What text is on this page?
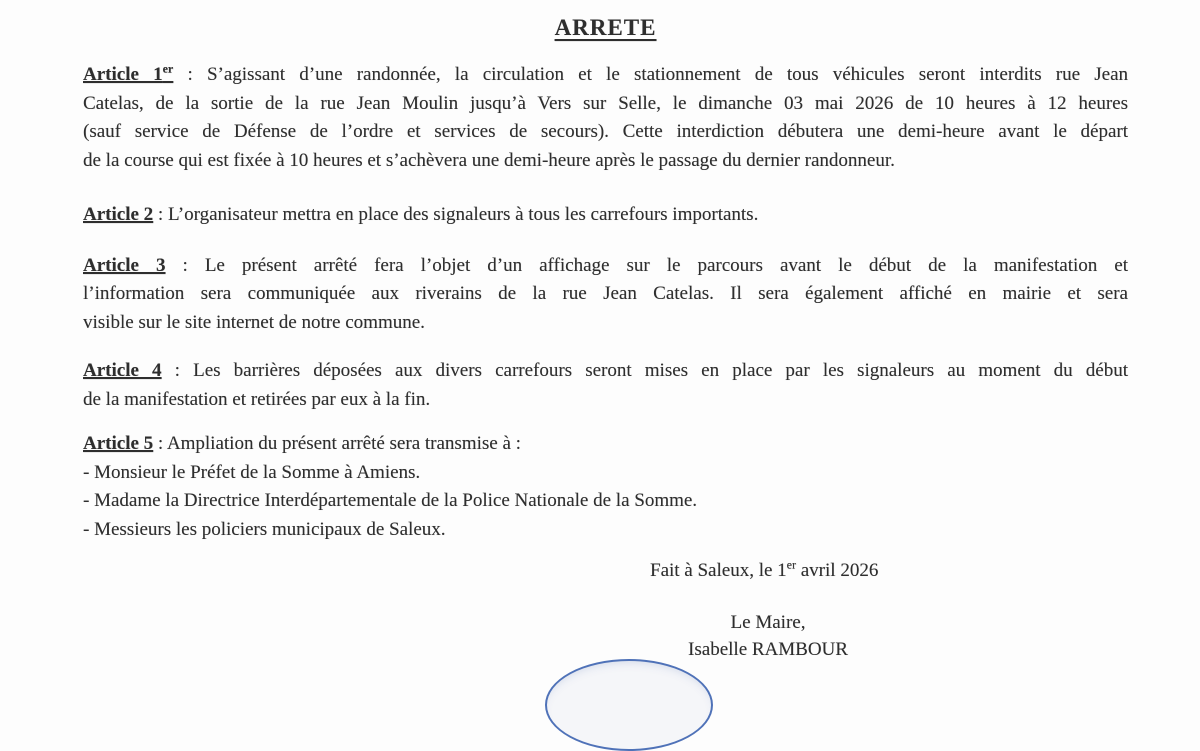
ARRETE

Article 1er : S’agissant d’une randonnée, la circulation et le stationnement de tous véhicules seront interdits rue Jean

Catelas, de la sortie de la rue Jean Moulin jusqu’à Vers sur Selle, le dimanche 03 mai 2026 de 10 heures à 12 heures

(sauf service de Défense de l’ordre et services de secours). Cette interdiction débutera une demi-heure avant le départ

de la course qui est fixée à 10 heures et s’achèvera une demi-heure après le passage du dernier randonneur.

Article 2 : L’organisateur mettra en place des signaleurs à tous les carrefours importants.

Article 3 : Le présent arrêté fera l’objet d’un affichage sur le parcours avant le début de la manifestation et

l’information sera communiquée aux riverains de la rue Jean Catelas. Il sera également affiché en mairie et sera

visible sur le site internet de notre commune.

Article 4 : Les barrières déposées aux divers carrefours seront mises en place par les signaleurs au moment du début

de la manifestation et retirées par eux à la fin.

Article 5 : Ampliation du présent arrêté sera transmise à :

- Monsieur le Préfet de la Somme à Amiens.

- Madame la Directrice Interdépartementale de la Police Nationale de la Somme.

- Messieurs les policiers municipaux de Saleux.

Fait à Saleux, le 1er avril 2026

Le Maire,

Isabelle RAMBOUR
